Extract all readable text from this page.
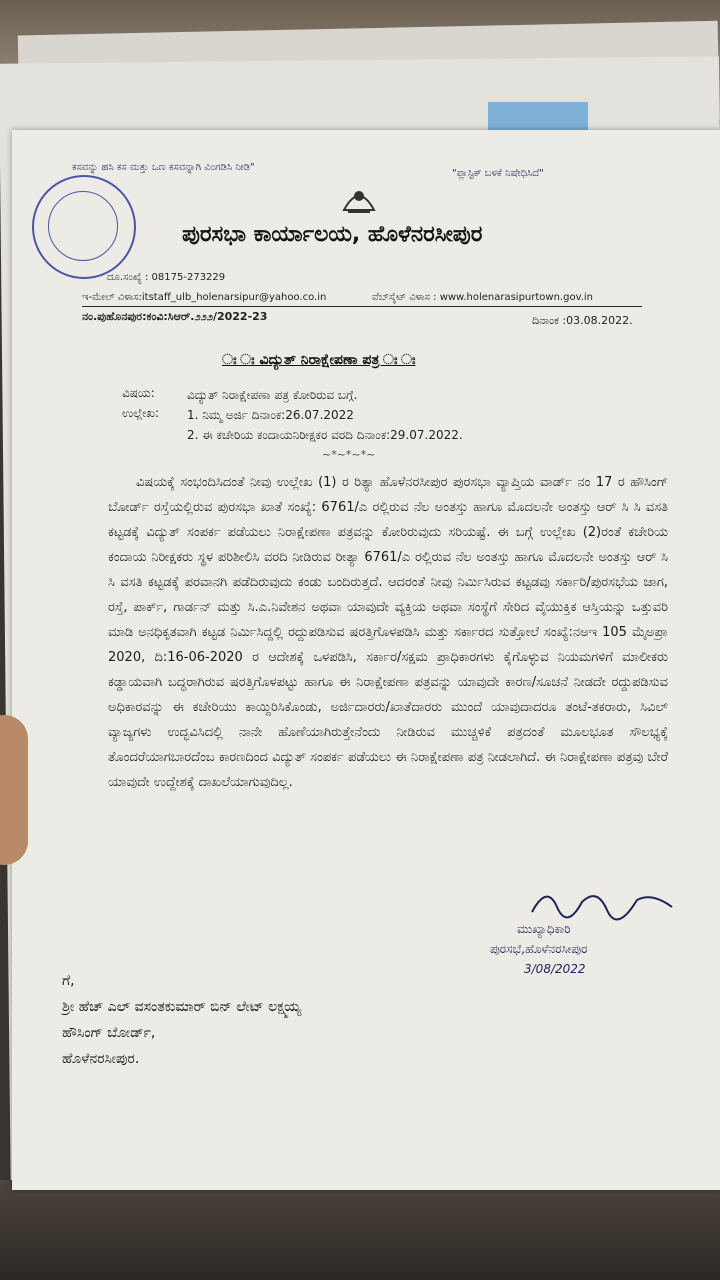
ಕಸವನ್ನು ಹಸಿ ಕಸ ಮತ್ತು ಒಣ ಕಸವನ್ನಾಗಿ ವಿಂಗಡಿಸಿ ನೀಡಿ"
"ಪ್ಲಾಸ್ಟಿಕ್ ಬಳಕೆ ನಿಷೇಧಿಸಿದೆ"
ಪುರಸಭಾ ಕಾರ್ಯಾಲಯ, ಹೊಳೆನರಸೀಪುರ
ದೂ.ಸಂಖ್ಯೆ : 08175-273229
ಇ-ಮೇಲ್ ವಿಳಾಸ:itstaff_ulb_holenarsipur@yahoo.co.in	ವೆಬ್‌ಸೈಟ್ ವಿಳಾಸ : www.holenarasipurtown.gov.in
ನಂ.ಪುಹೊನಪುರ:ಕಂವಿ:ಸಿಆರ್.೨೨೨/2022-23	ದಿನಾಂಕ :03.08.2022.
ಃ ಃ ವಿದ್ಯುತ್ ನಿರಾಕ್ಷೇಪಣಾ ಪತ್ರ ಃ ಃ
ವಿಷಯ:	ವಿದ್ಯುತ್ ನಿರಾಕ್ಷೇಪಣಾ ಪತ್ರ ಕೋರಿರುವ ಬಗ್ಗೆ.
ಉಲ್ಲೇಖ: 1. ನಿಮ್ಮ ಅರ್ಜಿ ದಿನಾಂಕ:26.07.2022
2. ಈ ಕಚೇರಿಯ ಕಂದಾಯನಿರೀಕ್ಷಕರ ವರದಿ ದಿನಾಂಕ:29.07.2022.
~*~*~*~

ವಿಷಯಕ್ಕೆ ಸಂಭಂದಿಸಿದಂತೆ ನೀವು ಉಲ್ಲೇಖ (1) ರ ರಿತ್ಯಾ ಹೊಳೆನರಸೀಪುರ ಪುರಸಭಾ ವ್ಯಾಪ್ತಿಯ ವಾರ್ಡ್ ನಂ 17 ರ ಹೌಸಿಂಗ್ ಬೋರ್ಡ್ ರಸ್ತೆಯಲ್ಲಿರುವ ಪುರಸಭಾ ಖಾತೆ ಸಂಖ್ಯೆ: 6761/ಎ ರಲ್ಲಿರುವ ನೆಲ ಅಂತಸ್ತು ಹಾಗೂ ಮೊದಲನೇ ಅಂತಸ್ತು ಆರ್ ಸಿ ಸಿ ವಸತಿ ಕಟ್ಟಡಕ್ಕೆ ವಿದ್ಯುತ್ ಸಂಪರ್ಕ ಪಡೆಯಲು ನಿರಾಕ್ಷೇಪಣಾ ಪತ್ರವನ್ನು ಕೋರಿರುವುದು ಸರಿಯಷ್ಟೆ. ಈ ಬಗ್ಗೆ ಉಲ್ಲೇಖ (2)ರಂತೆ ಕಚೇರಿಯ ಕಂದಾಯ ನಿರೀಕ್ಷಕರು ಸ್ಥಳ ಪರಿಶೀಲಿಸಿ ವರದಿ ನೀಡಿರುವ ರೀತ್ಯಾ 6761/ಎ ರಲ್ಲಿರುವ ನೆಲ ಅಂತಸ್ತು ಹಾಗೂ ಮೊದಲನೇ ಅಂತಸ್ತು ಆರ್ ಸಿ ಸಿ ವಸತಿ ಕಟ್ಟಡಕ್ಕೆ ಪರವಾನಗಿ ಪಡೆದಿರುವುದು ಕಂಡು ಬಂದಿರುತ್ತದೆ. ಆದರಂತೆ ನೀವು ನಿರ್ಮಿಸಿರುವ ಕಟ್ಟಡವು ಸರ್ಕಾರಿ/ಪುರಸಭೆಯ ಜಾಗ, ರಸ್ತೆ, ಪಾರ್ಕ್, ಗಾರ್ಡನ್ ಮತ್ತು ಸಿ.ಎ.ನಿವೇಶನ ಅಥವಾ ಯಾವುದೇ ವ್ಯಕ್ತಿಯ ಅಥವಾ ಸಂಸ್ಥೆಗೆ ಸೇರಿದ ವೈಯುಕ್ತಿಕ ಆಸ್ತಿಯನ್ನು ಒತ್ತುವರಿ ಮಾಡಿ ಅನಧಿಕೃತವಾಗಿ ಕಟ್ಟಡ ನಿರ್ಮಿಸಿದ್ದಲ್ಲಿ ರದ್ದುಪಡಿಸುವ ಷರತ್ತಿಗೊಳಪಡಿಸಿ ಮತ್ತು ಸರ್ಕಾರದ ಸುತ್ತೋಲೆ ಸಂಖ್ಯೆ:ನಅಇ 105 ಮೈಅಪ್ರಾ 2020, ದಿ:16-06-2020 ರ ಆದೇಶಕ್ಕೆ ಒಳಪಡಿಸಿ, ಸರ್ಕಾರ/ಸಕ್ಷಮ ಪ್ರಾಧಿಕಾರಗಳು ಕೈಗೊಳ್ಳುವ ನಿಯಮಗಳಿಗೆ ಮಾಲೀಕರು ಕಡ್ಡಾಯವಾಗಿ ಬದ್ಧರಾಗಿರುವ ಷರತ್ತಿಗೊಳಪಟ್ಟು ಹಾಗೂ ಈ ನಿರಾಕ್ಷೇಪಣಾ ಪತ್ರವನ್ನು ಯಾವುದೇ ಕಾರಣ/ಸೂಚನೆ ನೀಡದೇ ರದ್ದುಪಡಿಸುವ ಅಧಿಕಾರವನ್ನು ಈ ಕಚೇರಿಯು ಕಾಯ್ದಿರಿಸಿಕೊಂಡು, ಅರ್ಜಿದಾರರು/ಖಾತೆದಾರರು ಮುಂದೆ ಯಾವುದಾದರೂ ತಂಟೆ-ತಕರಾರು, ಸಿವಿಲ್ ವ್ಯಾಜ್ಯಗಳು ಉದ್ಭವಿಸಿದಲ್ಲಿ ನಾನೇ ಹೊಣೆಯಾಗಿರುತ್ತೇನೆಂದು ನೀಡಿರುವ ಮುಚ್ಚಳಿಕೆ ಪತ್ರದಂತೆ ಮೂಲಭೂತ ಸೌಲಭ್ಯಕ್ಕೆ ತೊಂದರೆಯಾಗಬಾರದೆಂಬ ಕಾರಣದಿಂದ ವಿದ್ಯುತ್ ಸಂಪರ್ಕ ಪಡೆಯಲು ಈ ನಿರಾಕ್ಷೇಪಣಾ ಪತ್ರ ನೀಡಲಾಗಿದೆ. ಈ ನಿರಾಕ್ಷೇಪಣಾ ಪತ್ರವು ಬೇರೆ ಯಾವುದೇ ಉದ್ದೇಶಕ್ಕೆ ದಾಖಲೆಯಾಗುವುದಿಲ್ಲ.

ಮುಖ್ಯಾಧಿಕಾರಿ
ಪುರಸಭೆ,ಹೊಳೆನರಸೀಪುರ
3/08/2022
ಗೆ,
ಶ್ರೀ ಹೆಚ್ ಎಲ್ ವಸಂತಕುಮಾರ್ ಬಿನ್ ಲೇಟ್ ಲಕ್ಷ್ಮಯ್ಯ
ಹೌಸಿಂಗ್ ಬೋರ್ಡ್,
ಹೊಳೆನರಸೀಪುರ.
